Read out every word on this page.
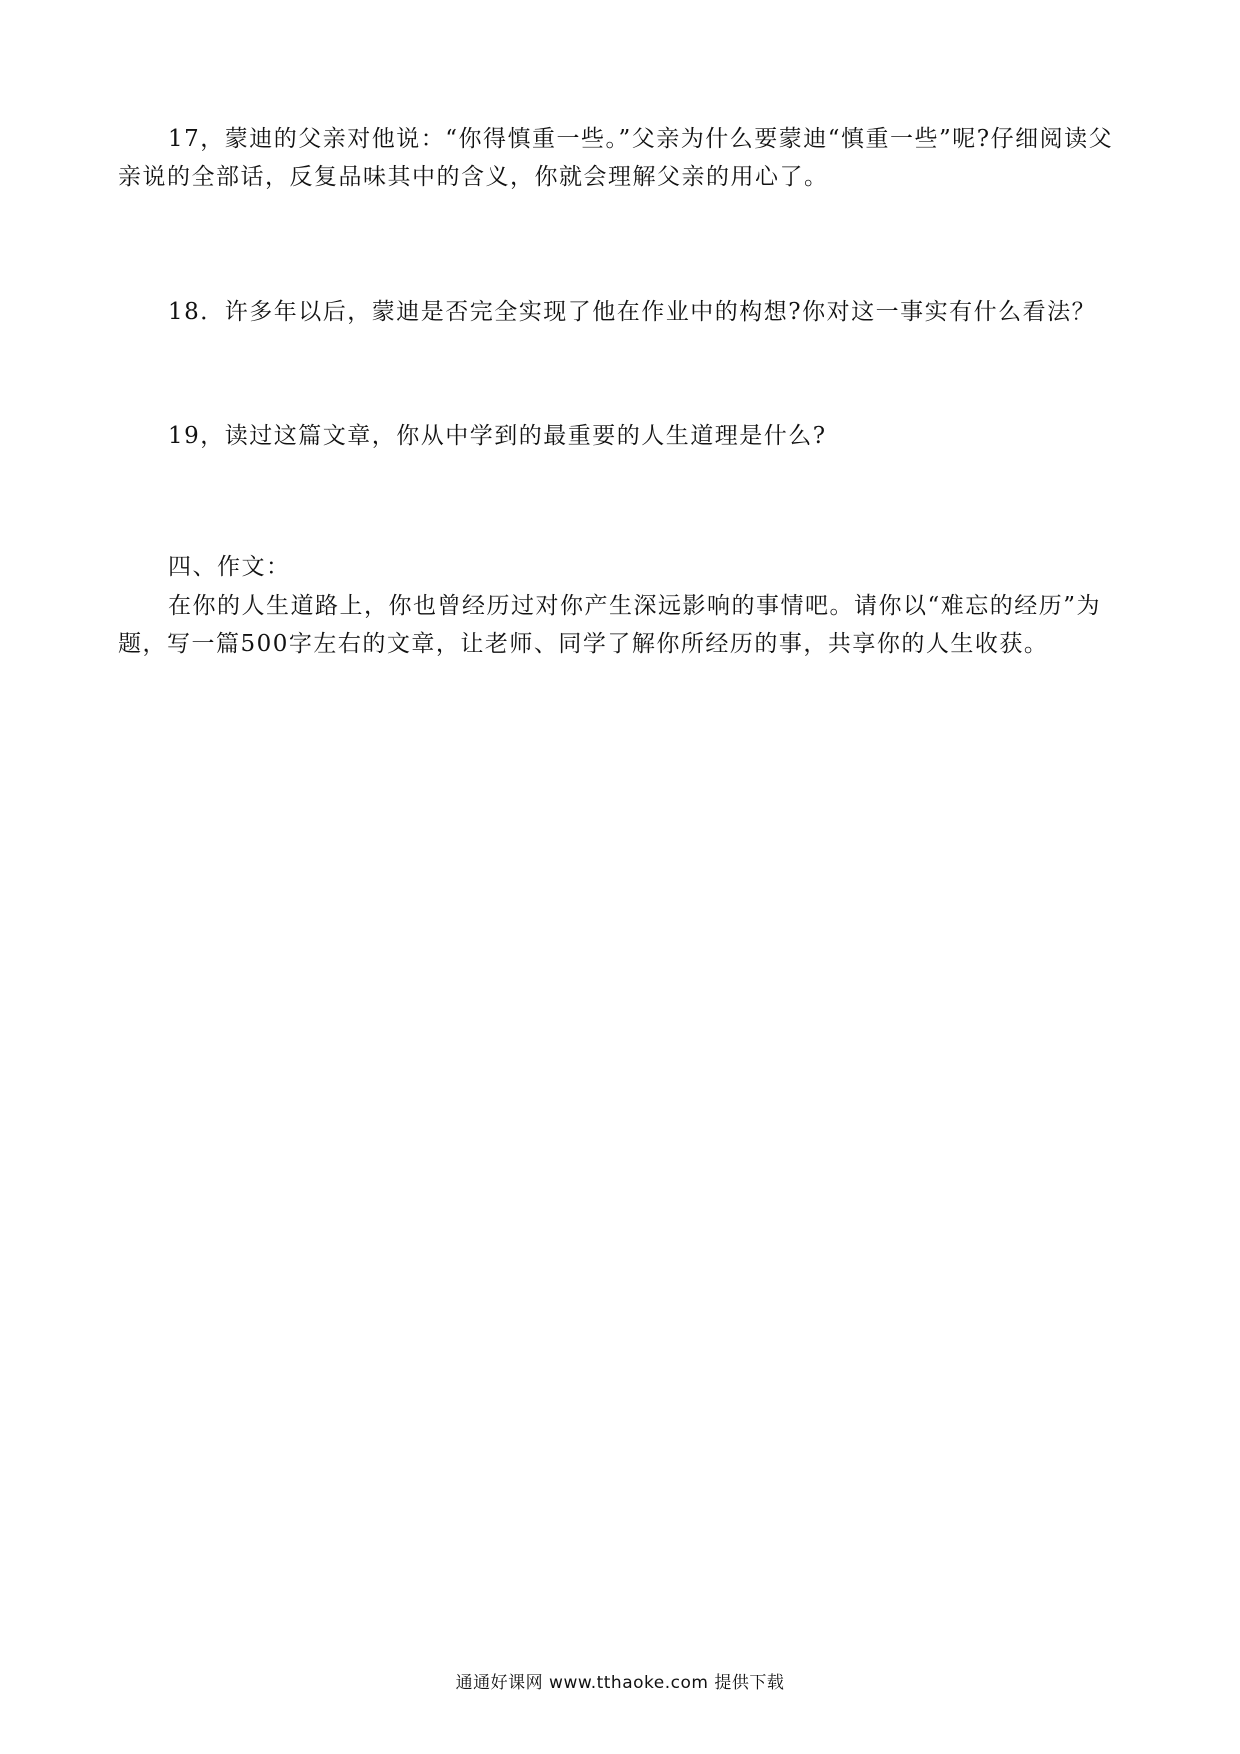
17，蒙迪的父亲对他说：“你得慎重一些。”父亲为什么要蒙迪“慎重一些”呢?仔细阅读父亲说的全部话，反复品味其中的含义，你就会理解父亲的用心了。

18．许多年以后，蒙迪是否完全实现了他在作业中的构想?你对这一事实有什么看法？

19，读过这篇文章，你从中学到的最重要的人生道理是什么?

四、作文：

在你的人生道路上，你也曾经历过对你产生深远影响的事情吧。请你以“难忘的经历”为题，写一篇500字左右的文章，让老师、同学了解你所经历的事，共享你的人生收获。

通通好课网 www.tthaoke.com 提供下载
